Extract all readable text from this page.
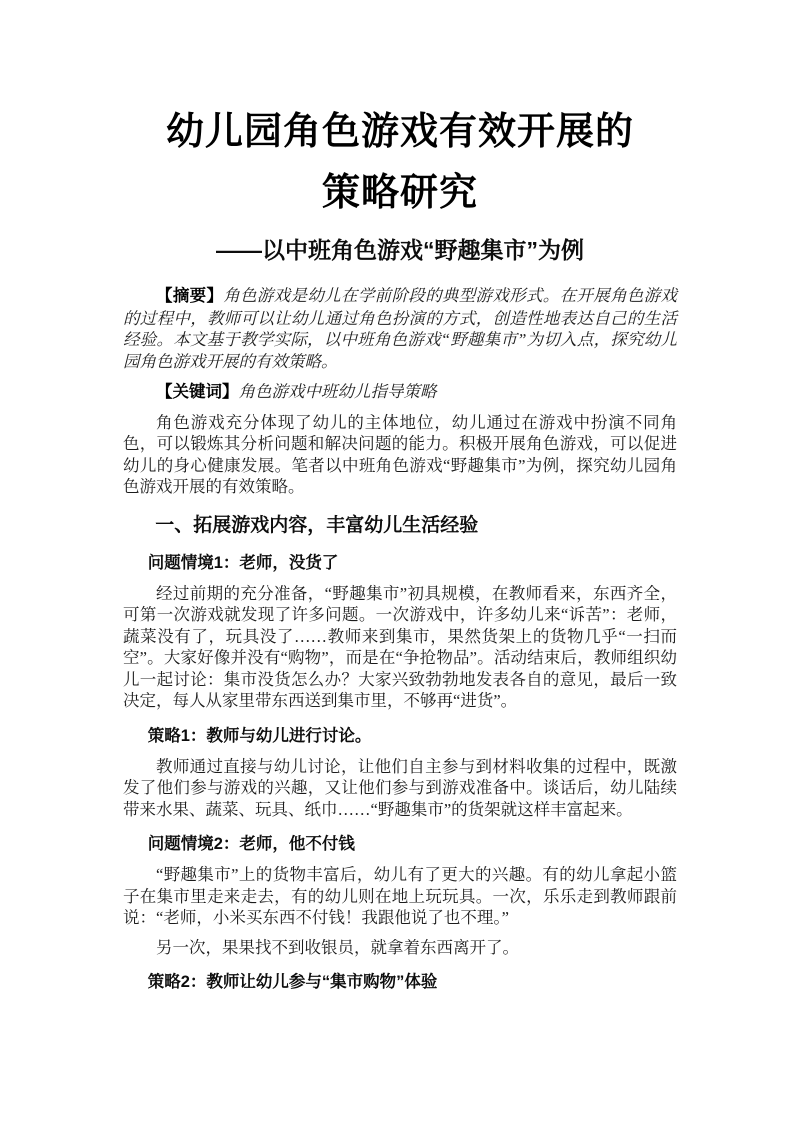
幼儿园角色游戏有效开展的
策略研究
——以中班角色游戏“野趣集市”为例

【摘要】角色游戏是幼儿在学前阶段的典型游戏形式。在开展角色游戏的过程中，教师可以让幼儿通过角色扮演的方式，创造性地表达自己的生活经验。本文基于教学实际，以中班角色游戏“野趣集市”为切入点，探究幼儿园角色游戏开展的有效策略。

【关键词】角色游戏中班幼儿指导策略

角色游戏充分体现了幼儿的主体地位，幼儿通过在游戏中扮演不同角色，可以锻炼其分析问题和解决问题的能力。积极开展角色游戏，可以促进幼儿的身心健康发展。笔者以中班角色游戏“野趣集市”为例，探究幼儿园角色游戏开展的有效策略。

一、拓展游戏内容，丰富幼儿生活经验
问题情境1：老师，没货了

经过前期的充分准备，“野趣集市”初具规模，在教师看来，东西齐全，可第一次游戏就发现了许多问题。一次游戏中，许多幼儿来“诉苦”：老师，蔬菜没有了，玩具没了……教师来到集市，果然货架上的货物几乎“一扫而空”。大家好像并没有“购物”，而是在“争抢物品”。活动结束后，教师组织幼儿一起讨论：集市没货怎么办？大家兴致勃勃地发表各自的意见，最后一致决定，每人从家里带东西送到集市里，不够再“进货”。

策略1：教师与幼儿进行讨论。

教师通过直接与幼儿讨论，让他们自主参与到材料收集的过程中，既激发了他们参与游戏的兴趣，又让他们参与到游戏准备中。谈话后，幼儿陆续带来水果、蔬菜、玩具、纸巾……“野趣集市”的货架就这样丰富起来。

问题情境2：老师，他不付钱

“野趣集市”上的货物丰富后，幼儿有了更大的兴趣。有的幼儿拿起小篮子在集市里走来走去，有的幼儿则在地上玩玩具。一次，乐乐走到教师跟前说：“老师，小米买东西不付钱！我跟他说了也不理。”

另一次，果果找不到收银员，就拿着东西离开了。

策略2：教师让幼儿参与“集市购物”体验
